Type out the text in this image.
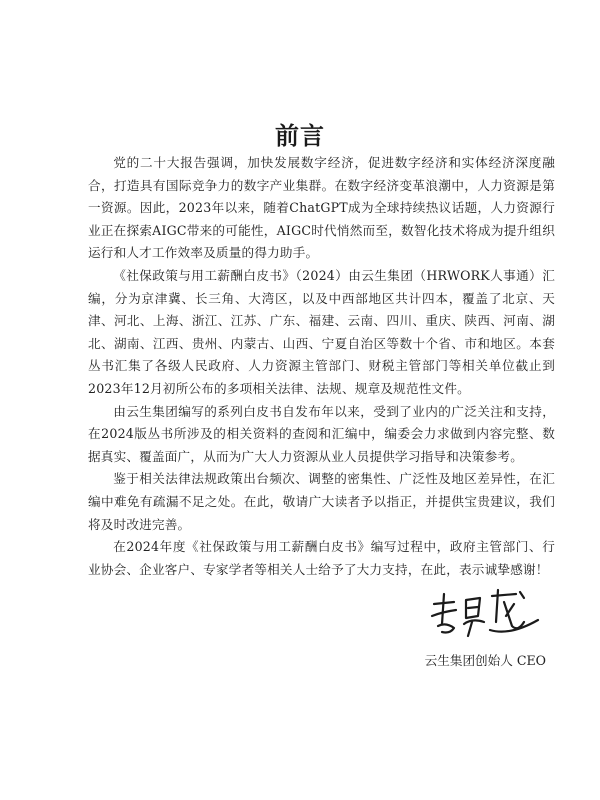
前言

党的二十大报告强调，加快发展数字经济，促进数字经济和实体经济深度融合，打造具有国际竞争力的数字产业集群。在数字经济变革浪潮中，人力资源是第一资源。因此，2023年以来，随着ChatGPT成为全球持续热议话题，人力资源行业正在探索AIGC带来的可能性，AIGC时代悄然而至，数智化技术将成为提升组织运行和人才工作效率及质量的得力助手。

《社保政策与用工薪酬白皮书》（2024）由云生集团（HRWORK人事通）汇编，分为京津冀、长三角、大湾区，以及中西部地区共计四本，覆盖了北京、天津、河北、上海、浙江、江苏、广东、福建、云南、四川、重庆、陕西、河南、湖北、湖南、江西、贵州、内蒙古、山西、宁夏自治区等数十个省、市和地区。本套丛书汇集了各级人民政府、人力资源主管部门、财税主管部门等相关单位截止到2023年12月初所公布的多项相关法律、法规、规章及规范性文件。

由云生集团编写的系列白皮书自发布年以来，受到了业内的广泛关注和支持，在2024版丛书所涉及的相关资料的查阅和汇编中，编委会力求做到内容完整、数据真实、覆盖面广，从而为广大人力资源从业人员提供学习指导和决策参考。

鉴于相关法律法规政策出台频次、调整的密集性、广泛性及地区差异性，在汇编中难免有疏漏不足之处。在此，敬请广大读者予以指正，并提供宝贵建议，我们将及时改进完善。

在2024年度《社保政策与用工薪酬白皮书》编写过程中，政府主管部门、行业协会、企业客户、专家学者等相关人士给予了大力支持，在此，表示诚挚感谢！

云生集团创始人 CEO
